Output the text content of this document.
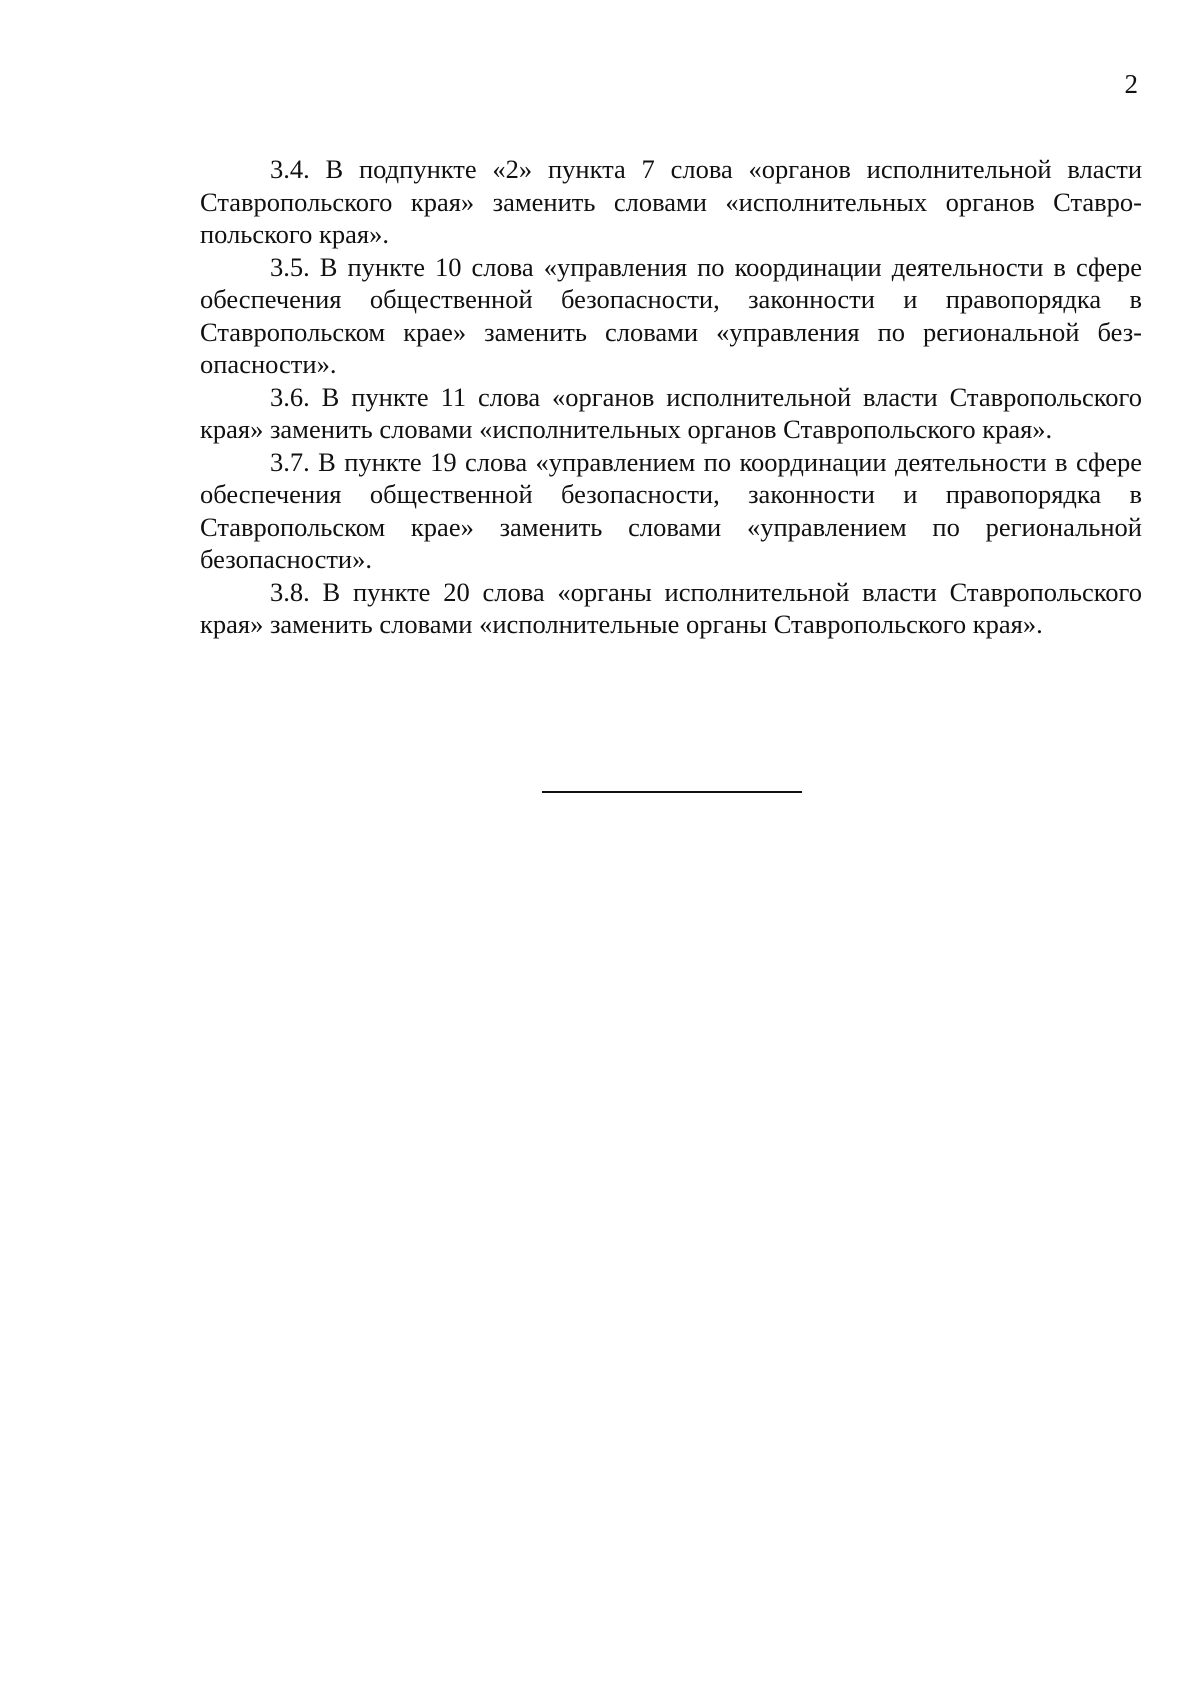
2

3.4. В подпункте «2» пункта 7 слова «органов исполнительной власти Ставропольского края» заменить словами «исполнительных органов Ставропольского края».

3.5. В пункте 10 слова «управления по координации деятельности в сфере обеспечения общественной безопасности, законности и правопорядка в Ставропольском крае» заменить словами «управления по региональной безопасности».

3.6. В пункте 11 слова «органов исполнительной власти Ставропольского края» заменить словами «исполнительных органов Ставропольского края».

3.7. В пункте 19 слова «управлением по координации деятельности в сфере обеспечения общественной безопасности, законности и правопорядка в Ставропольском крае» заменить словами «управлением по региональной безопасности».

3.8. В пункте 20 слова «органы исполнительной власти Ставропольского края» заменить словами «исполнительные органы Ставропольского края».
